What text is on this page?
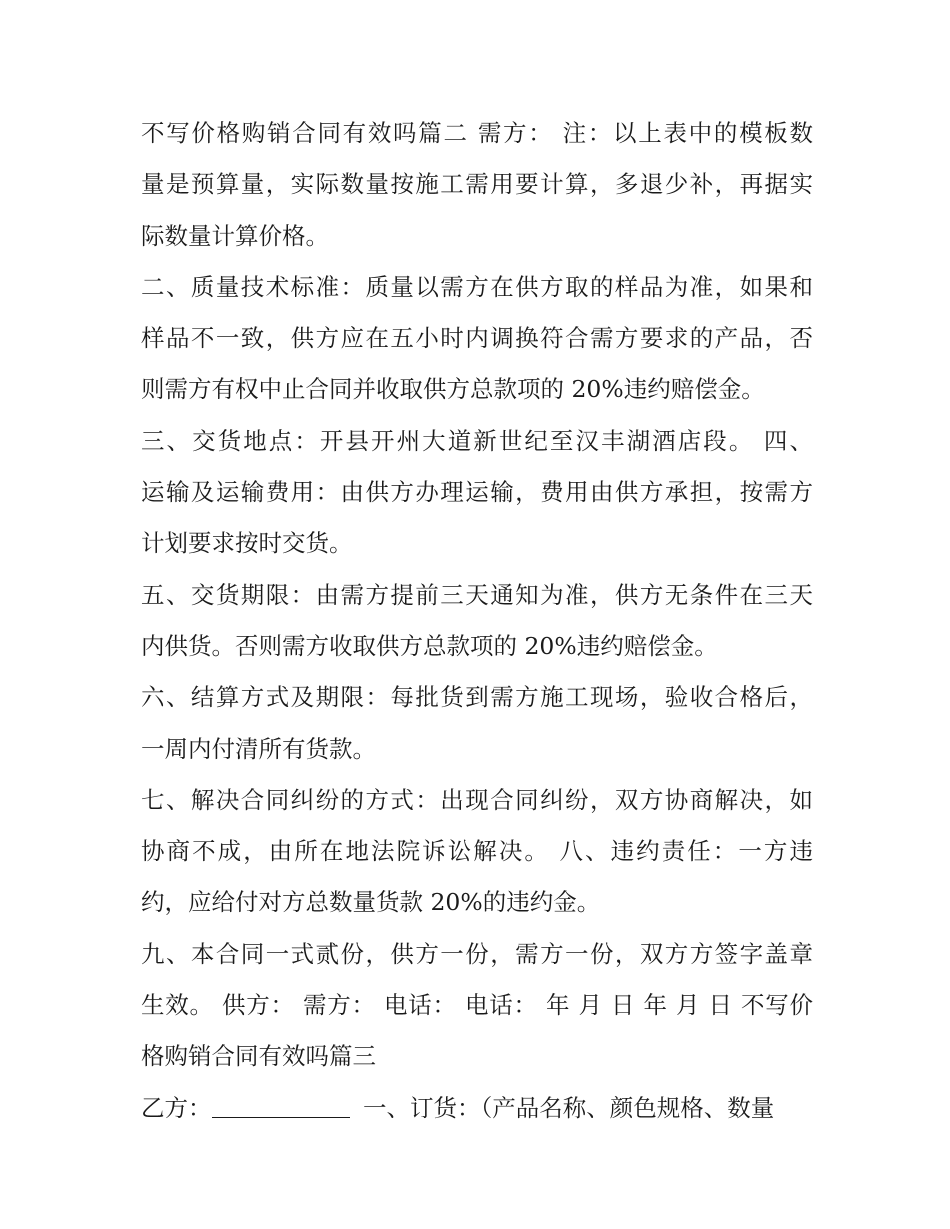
不写价格购销合同有效吗篇二 需方： 注：以上表中的模板数
量是预算量，实际数量按施工需用要计算，多退少补，再据实
际数量计算价格。
二、质量技术标准：质量以需方在供方取的样品为准，如果和
样品不一致，供方应在五小时内调换符合需方要求的产品，否
则需方有权中止合同并收取供方总款项的 20%违约赔偿金。
三、交货地点：开县开州大道新世纪至汉丰湖酒店段。 四、
运输及运输费用：由供方办理运输，费用由供方承担，按需方
计划要求按时交货。
五、交货期限：由需方提前三天通知为准，供方无条件在三天
内供货。否则需方收取供方总款项的 20%违约赔偿金。
六、结算方式及期限：每批货到需方施工现场，验收合格后，
一周内付清所有货款。
七、解决合同纠纷的方式：出现合同纠纷，双方协商解决，如
协商不成，由所在地法院诉讼解决。 八、违约责任：一方违
约，应给付对方总数量货款 20%的违约金。
九、本合同一式贰份，供方一份，需方一份，双方方签字盖章
生效。 供方： 需方： 电话： 电话： 年 月 日 年 月 日 不写价
格购销合同有效吗篇三
乙方：	一、订货：（产品名称、颜色规格、数量
